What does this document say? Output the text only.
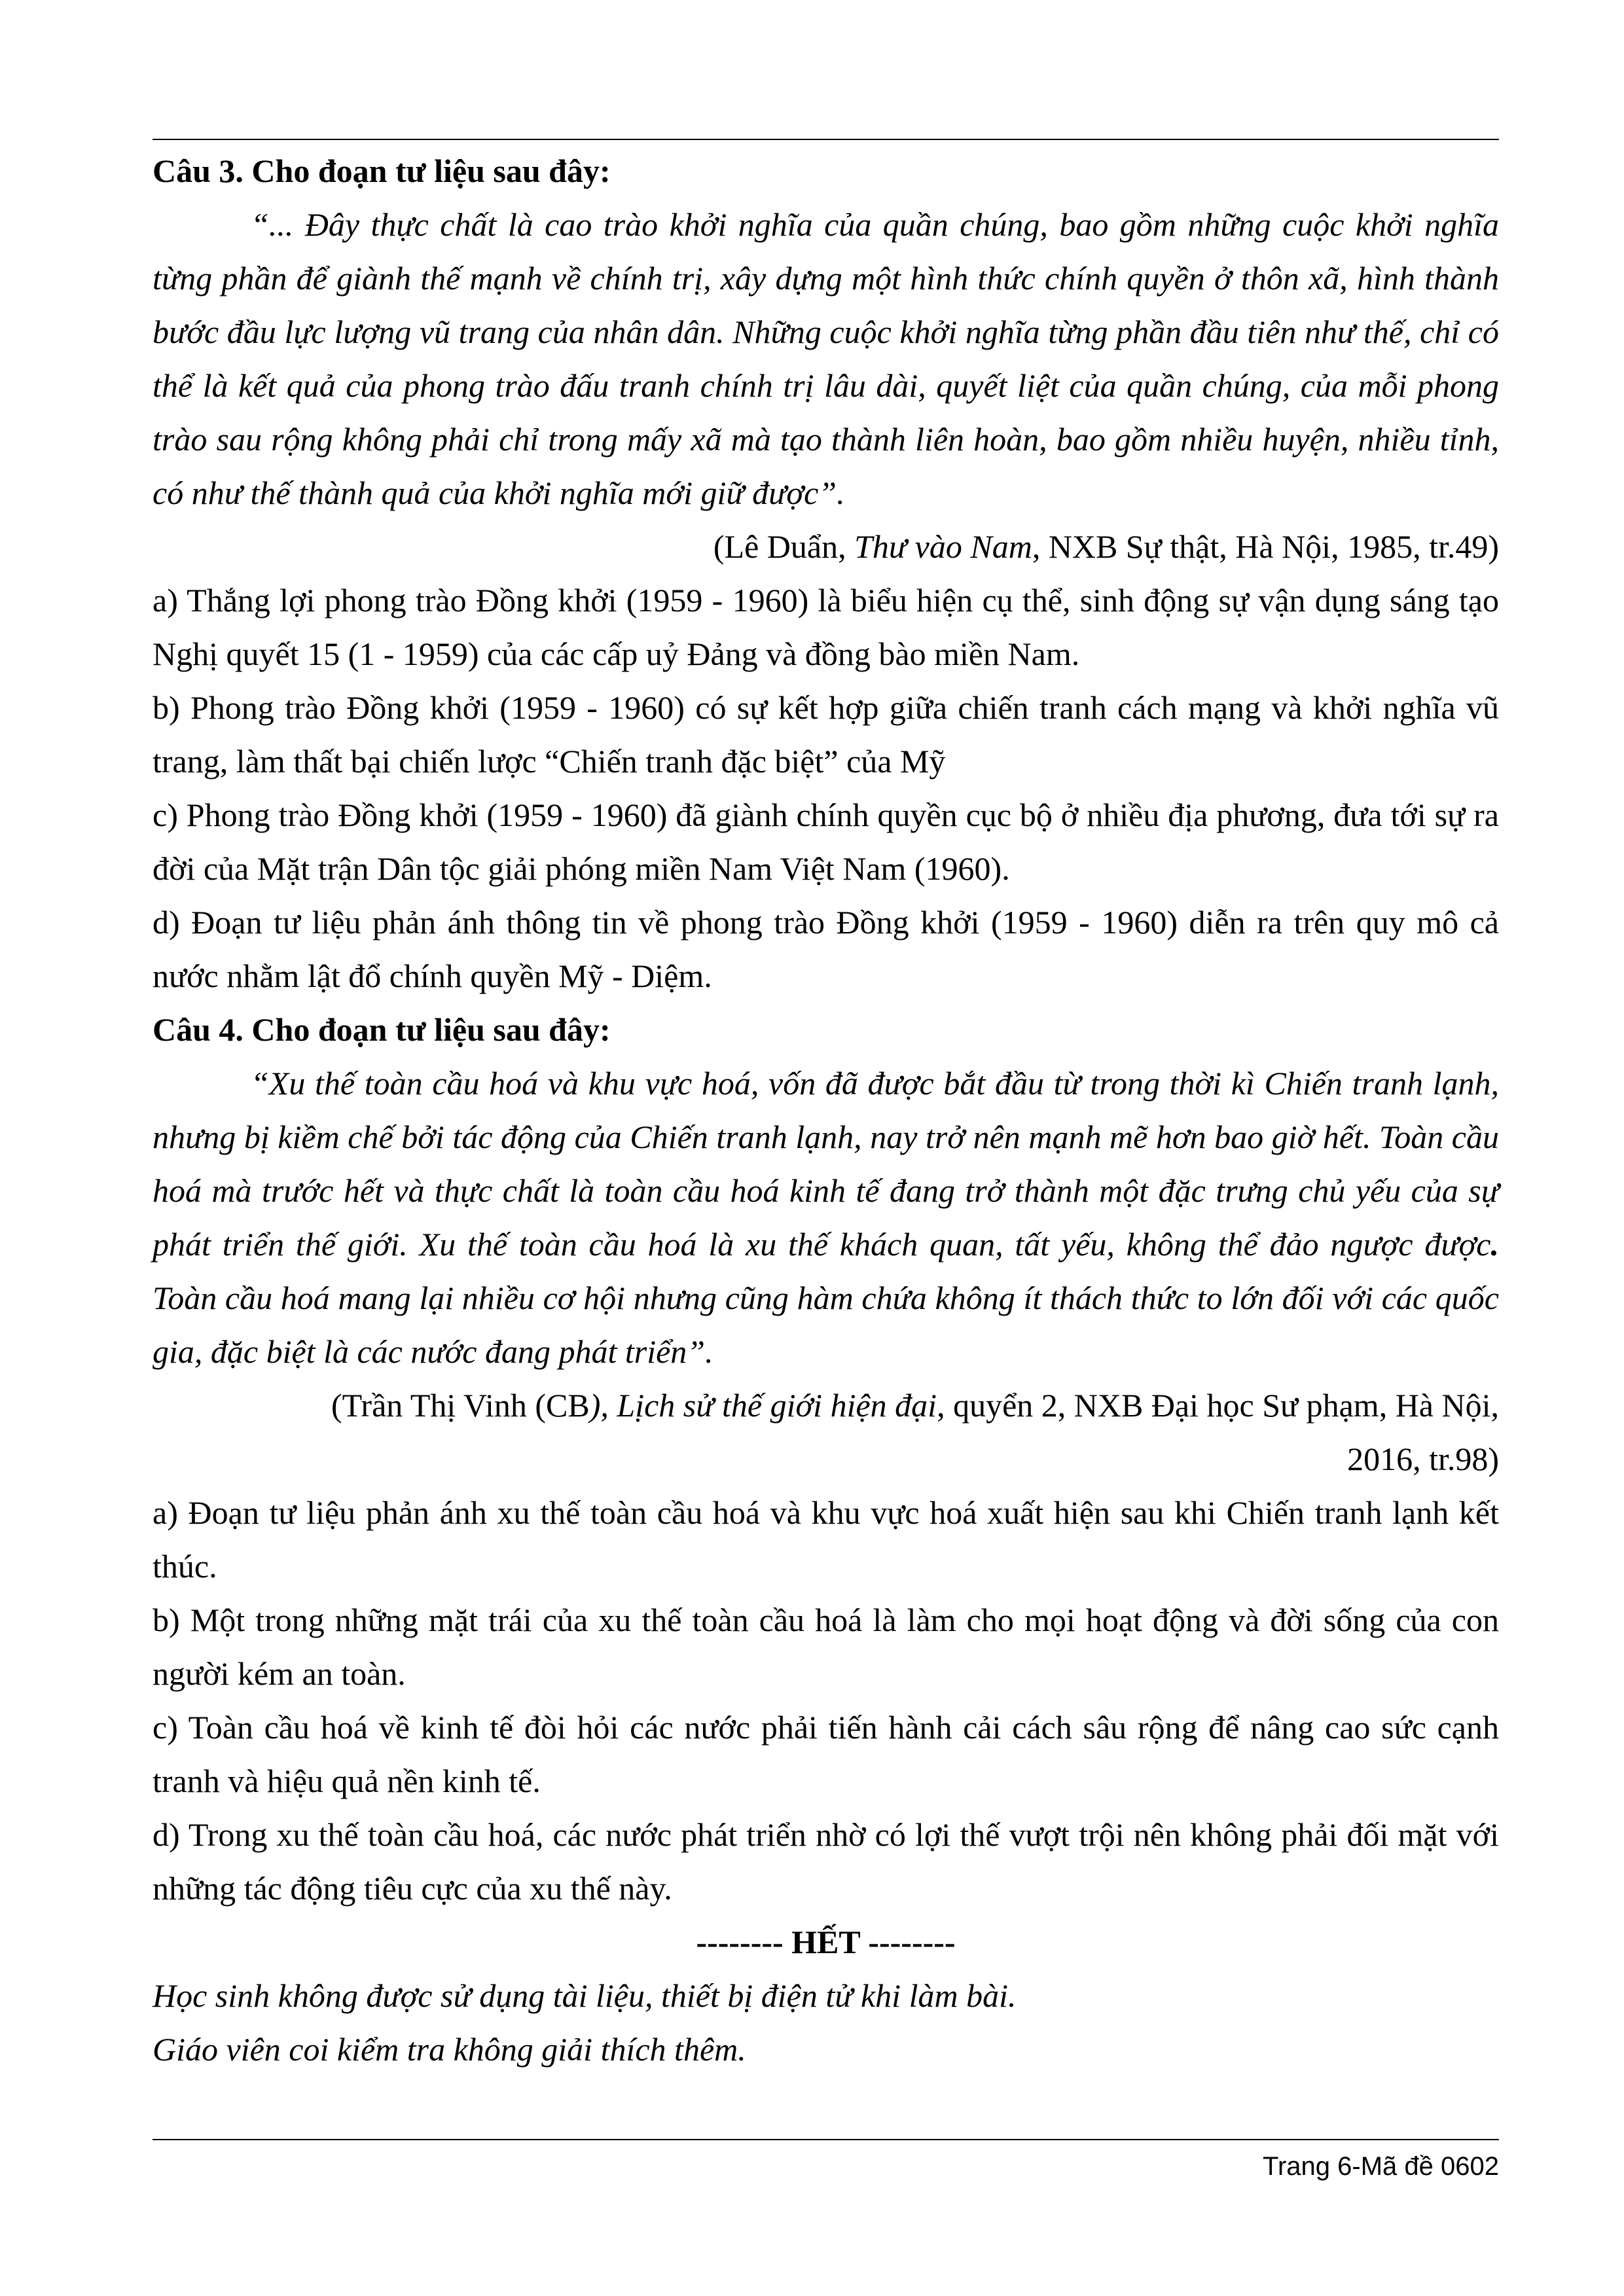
Câu 3. Cho đoạn tư liệu sau đây:

“... Đây thực chất là cao trào khởi nghĩa của quần chúng, bao gồm những cuộc khởi nghĩa từng phần để giành thế mạnh về chính trị, xây dựng một hình thức chính quyền ở thôn xã, hình thành bước đầu lực lượng vũ trang của nhân dân. Những cuộc khởi nghĩa từng phần đầu tiên như thế, chỉ có thể là kết quả của phong trào đấu tranh chính trị lâu dài, quyết liệt của quần chúng, của mỗi phong trào sau rộng không phải chỉ trong mấy xã mà tạo thành liên hoàn, bao gồm nhiều huyện, nhiều tỉnh, có như thế thành quả của khởi nghĩa mới giữ được”.

(Lê Duẩn, Thư vào Nam, NXB Sự thật, Hà Nội, 1985, tr.49)

a) Thắng lợi phong trào Đồng khởi (1959 - 1960) là biểu hiện cụ thể, sinh động sự vận dụng sáng tạo Nghị quyết 15 (1 - 1959) của các cấp uỷ Đảng và đồng bào miền Nam.

b) Phong trào Đồng khởi (1959 - 1960) có sự kết hợp giữa chiến tranh cách mạng và khởi nghĩa vũ trang, làm thất bại chiến lược “Chiến tranh đặc biệt” của Mỹ

c) Phong trào Đồng khởi (1959 - 1960) đã giành chính quyền cục bộ ở nhiều địa phương, đưa tới sự ra đời của Mặt trận Dân tộc giải phóng miền Nam Việt Nam (1960).

d) Đoạn tư liệu phản ánh thông tin về phong trào Đồng khởi (1959 - 1960) diễn ra trên quy mô cả nước nhằm lật đổ chính quyền Mỹ - Diệm.

Câu 4. Cho đoạn tư liệu sau đây:

“Xu thế toàn cầu hoá và khu vực hoá, vốn đã được bắt đầu từ trong thời kì Chiến tranh lạnh, nhưng bị kiềm chế bởi tác động của Chiến tranh lạnh, nay trở nên mạnh mẽ hơn bao giờ hết. Toàn cầu hoá mà trước hết và thực chất là toàn cầu hoá kinh tế đang trở thành một đặc trưng chủ yếu của sự phát triển thế giới. Xu thế toàn cầu hoá là xu thế khách quan, tất yếu, không thể đảo ngược được. Toàn cầu hoá mang lại nhiều cơ hội nhưng cũng hàm chứa không ít thách thức to lớn đối với các quốc gia, đặc biệt là các nước đang phát triển”.

(Trần Thị Vinh (CB), Lịch sử thế giới hiện đại, quyển 2, NXB Đại học Sư phạm, Hà Nội,
2016, tr.98)

a) Đoạn tư liệu phản ánh xu thế toàn cầu hoá và khu vực hoá xuất hiện sau khi Chiến tranh lạnh kết thúc.

b) Một trong những mặt trái của xu thế toàn cầu hoá là làm cho mọi hoạt động và đời sống của con người kém an toàn.

c) Toàn cầu hoá về kinh tế đòi hỏi các nước phải tiến hành cải cách sâu rộng để nâng cao sức cạnh tranh và hiệu quả nền kinh tế.

d) Trong xu thế toàn cầu hoá, các nước phát triển nhờ có lợi thế vượt trội nên không phải đối mặt với những tác động tiêu cực của xu thế này.

-------- HẾT --------

Học sinh không được sử dụng tài liệu, thiết bị điện tử khi làm bài.

Giáo viên coi kiểm tra không giải thích thêm.

Trang 6-Mã đề 0602
